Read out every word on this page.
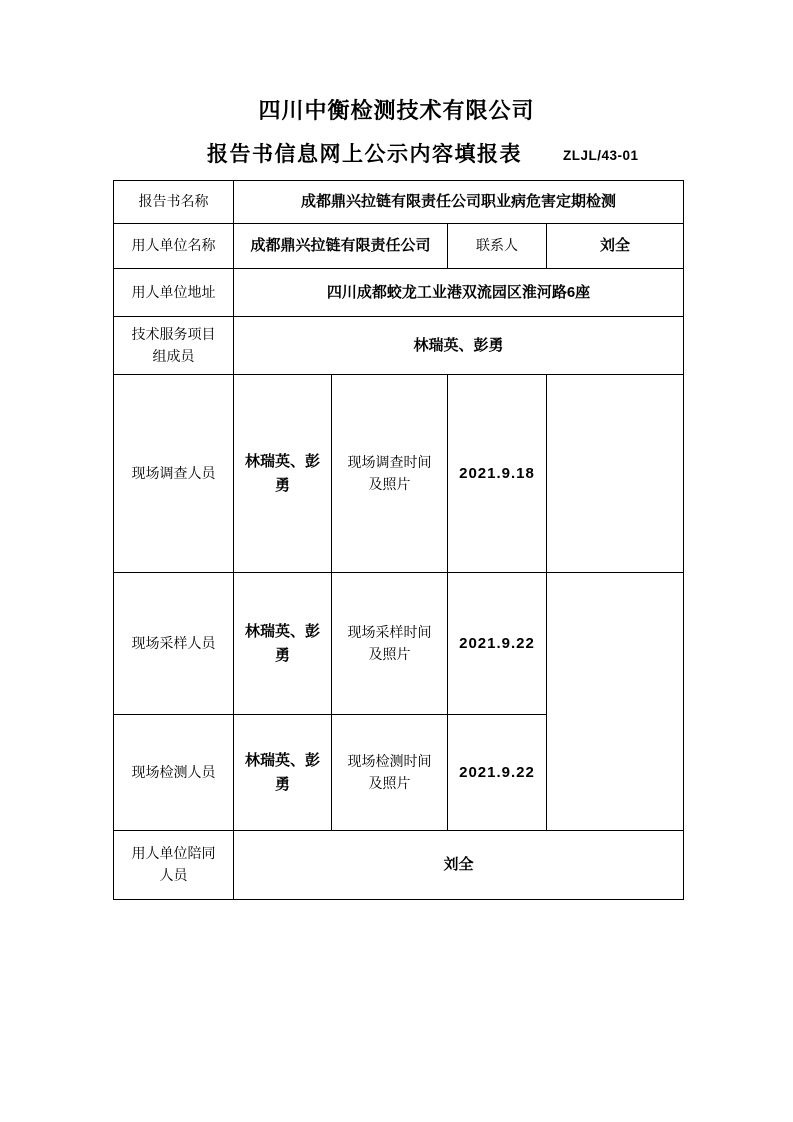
四川中衡检测技术有限公司
报告书信息网上公示内容填报表	ZLJL/43-01
报告书名称	成都鼎兴拉链有限责任公司职业病危害定期检测			
用人单位名称	成都鼎兴拉链有限责任公司		联系人	刘全
用人单位地址	四川成都蛟龙工业港双流园区淮河路6座			
技术服务项目组成员	林瑞英、彭勇			
现场调查人员	林瑞英、彭勇	现场调查时间及照片	2021.9.18	
现场采样人员	林瑞英、彭勇	现场采样时间及照片	2021.9.22	
现场检测人员	林瑞英、彭勇	现场检测时间及照片	2021.9.22	
用人单位陪同人员	刘全			
